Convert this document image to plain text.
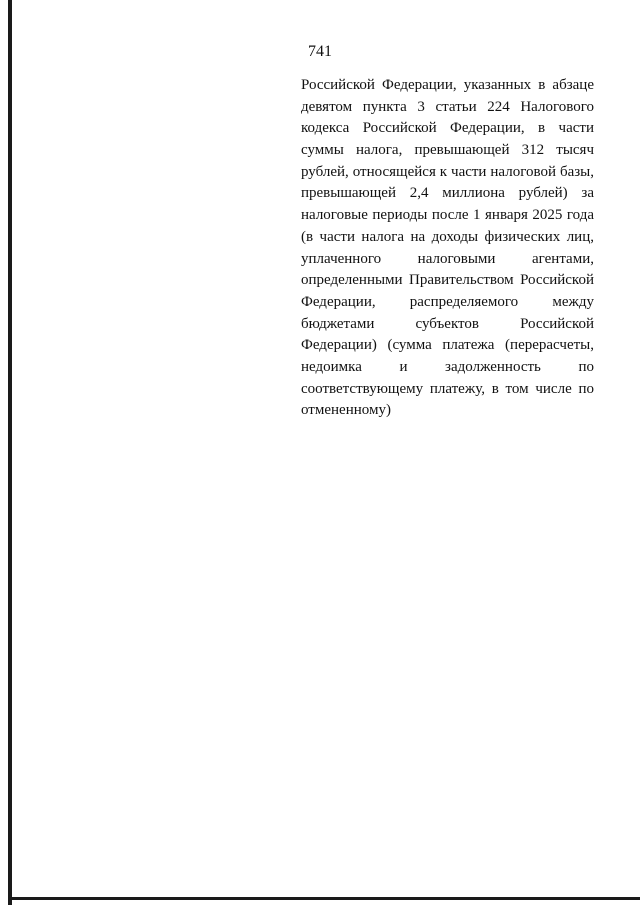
741
Российской Федерации, указанных в абзаце
девятом пункта 3 статьи 224 Налогового
кодекса Российской Федерации, в части
суммы налога, превышающей 312 тысяч
рублей, относящейся к части налоговой базы,
превышающей 2,4 миллиона рублей) за
налоговые периоды после 1 января 2025 года
(в части налога на доходы физических лиц,
уплаченного налоговыми агентами,
определенными Правительством Российской
Федерации, распределяемого между
бюджетами субъектов Российской
Федерации) (сумма платежа (перерасчеты,
недоимка и задолженность по
соответствующему платежу, в том числе по
отмененному)
